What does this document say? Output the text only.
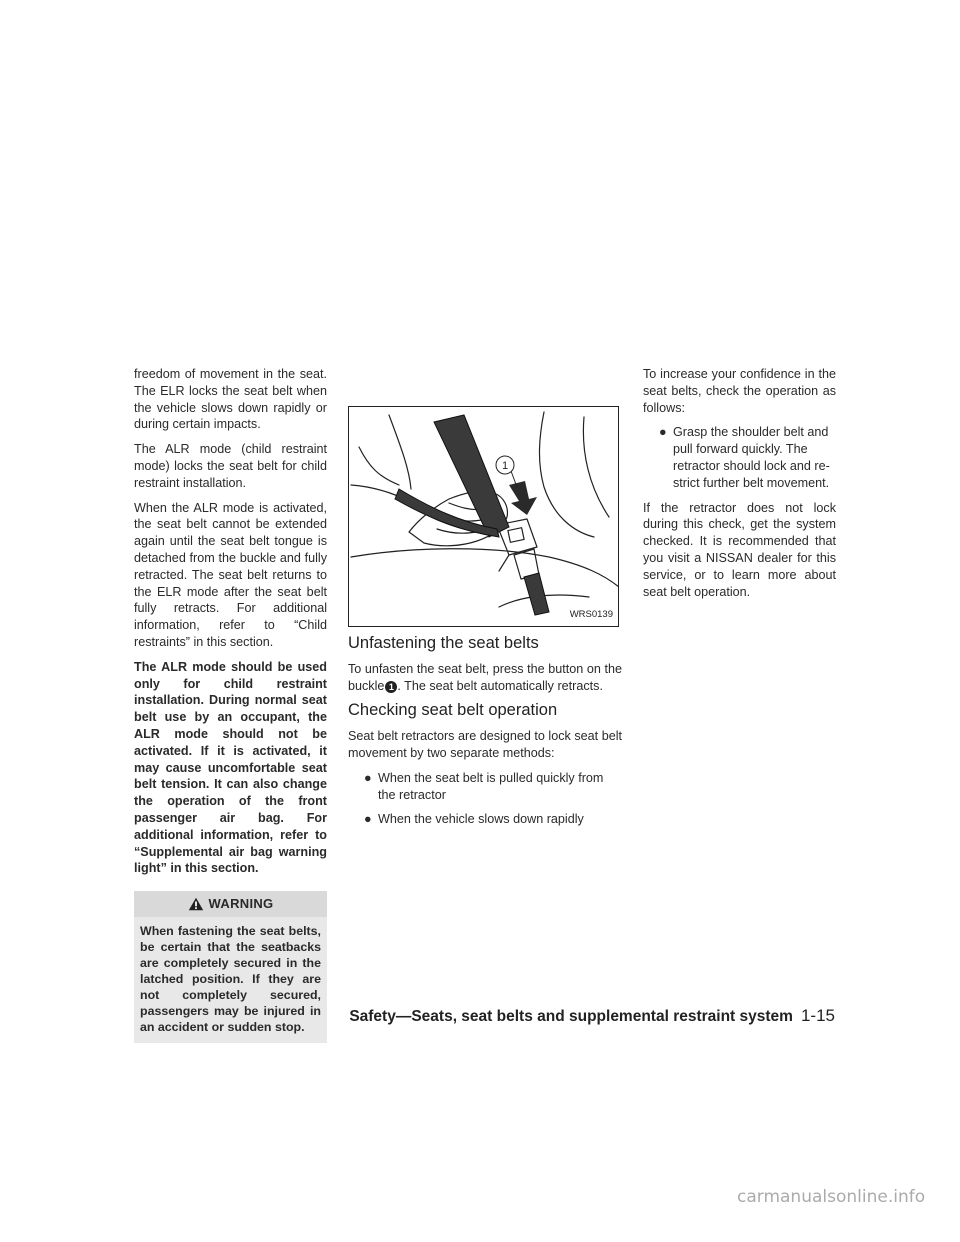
freedom of movement in the seat. The ELR locks the seat belt when the vehicle slows down rapidly or during certain impacts.

The ALR mode (child restraint mode) locks the seat belt for child restraint installation.

When the ALR mode is activated, the seat belt cannot be extended again until the seat belt tongue is detached from the buckle and fully retracted. The seat belt returns to the ELR mode after the seat belt fully retracts. For additional information, refer to “Child restraints” in this section.

The ALR mode should be used only for child restraint installation. During normal seat belt use by an occupant, the ALR mode should not be activated. If it is activated, it may cause uncomfortable seat belt tension. It can also change the operation of the front passenger air bag. For additional information, refer to “Supplemental air bag warning light” in this section.

WARNING
When fastening the seat belts, be certain that the seatbacks are completely secured in the latched position. If they are not completely secured, passengers may be injured in an accident or sudden stop.
1
WRS0139
Unfastening the seat belts

To unfasten the seat belt, press the button on the buckle 1 . The seat belt automatically retracts.

Checking seat belt operation

Seat belt retractors are designed to lock seat belt movement by two separate methods:

● When the seat belt is pulled quickly from the retractor
● When the vehicle slows down rapidly

To increase your confidence in the seat belts, check the operation as follows:

● Grasp the shoulder belt and pull forward quickly. The retractor should lock and restrict further belt movement.

If the retractor does not lock during this check, get the system checked. It is recommended that you visit a NISSAN dealer for this service, or to learn more about seat belt operation.

Safety—Seats, seat belts and supplemental restraint system 1-15
carmanualsonline.info
